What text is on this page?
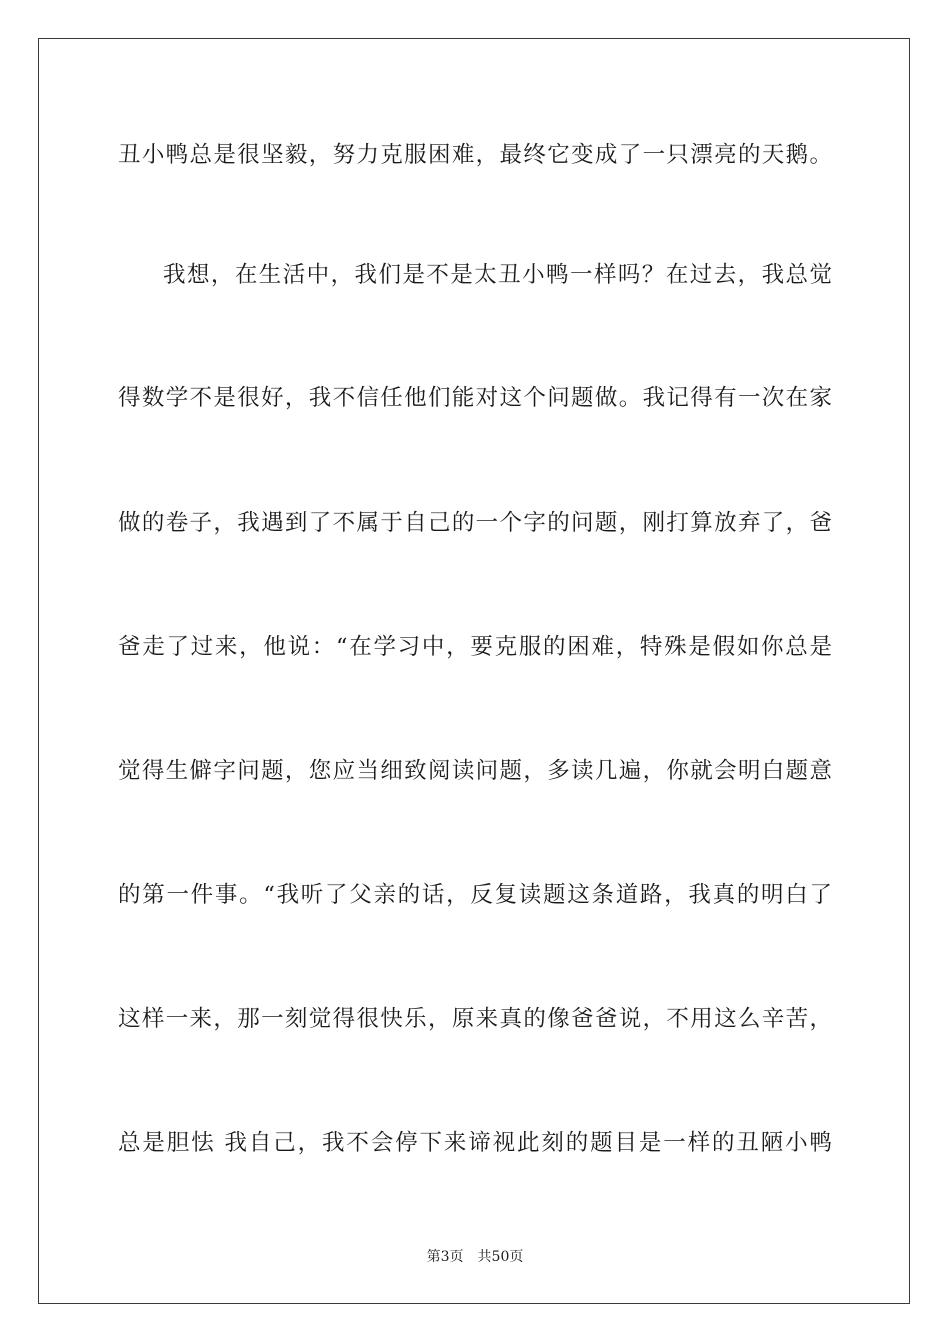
丑小鸭总是很坚毅，努力克服困难，最终它变成了一只漂亮的天鹅。
我想，在生活中，我们是不是太丑小鸭一样吗？在过去，我总觉
得数学不是很好，我不信任他们能对这个问题做。我记得有一次在家
做的卷子，我遇到了不属于自己的一个字的问题，刚打算放弃了，爸
爸走了过来，他说：“在学习中，要克服的困难，特殊是假如你总是
觉得生僻字问题，您应当细致阅读问题，多读几遍，你就会明白题意
的第一件事。“我听了父亲的话，反复读题这条道路，我真的明白了
这样一来，那一刻觉得很快乐，原来真的像爸爸说，不用这么辛苦，
总是胆怯 我自己，我不会停下来谛视此刻的题目是一样的丑陋小鸭
第3页 共50页
